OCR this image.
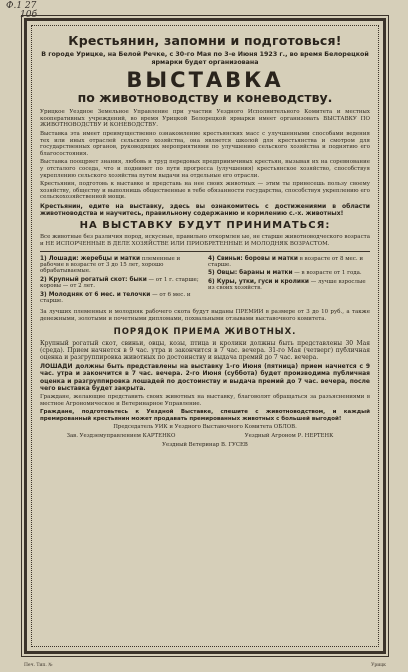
Ф.1 27
10б
Крестьянин, запомни и подготовься!
В городе Урицке, на Белой Речке, с 30-го Мая по 3-е Июня 1923 г., во время Белорецкой ярмарки будет организована
ВЫСТАВКА
по животноводству и коневодству.
Урицкое Уездное Земельное Управление при участии Уездного Исполнительного Комитета и местных кооперативных учреждений, во время Урицкой Белорецкой ярмарки имеет организовать ВЫСТАВКУ ПО ЖИВОТНОВОДСТВУ И КОНЕВОДСТВУ.
Выставка эта имеет преимущественно ознакомление крестьянских масс с улучшенными способами ведения тех или иных отраслей сельского хозяйства, она является школой для крестьянства и смотром для государственных органов, руководящих мероприятиями по улучшению сельского хозяйства и поднятию его благосостояния.
Выставка поощряет знания, любовь и труд передовых предприимчивых крестьян, вызывая их на соревнование у отсталого соседа, что и поднимет по пути прогресса (улучшения) крестьянское хозяйство, способствуя укреплению сельского хозяйства путем выдачи на отдельные его отрасли.
Крестьянин, подготовь к выставке и представь на нее своих животных — этим ты принесешь пользу своему хозяйству, обществу и выполнишь общественные в тебе обязанности государства, способствуя укреплению его сельскохозяйственной мощи.
Крестьянин, едите на выставку, здесь вы ознакомитесь с достижениями в области животноводства и научитесь, правильному содержанию и кормлению с.-х. животных!
НА ВЫСТАВКУ БУДУТ ПРИНИМАТЬСЯ:
Все животные без различия пород, искусные, правильно откормлен ые, не старше животноводческого возраста и НЕ ИСПОРЧЕННЫЕ В ДЕЛЕ ХОЗЯЙСТВЕ ИЛИ ПРИОБРЕТЕННЫЕ И МОЛОДНЯК ВОЗРАСТОМ.
1) Лошади: жеребцы и матки племенные и рабочие в возрасте от 3 до 15 лет, хорошо обрабатываемые.
2) Крупный рогатый скот: быки — от 1 г. старше; коровы — от 2 лет.
3) Молодняк от 6 мес. и телочки — от 6 мес. и старше.
4) Свиньи: боровы и матки в возрасте от 8 мес. и старше.
5) Овцы: бараны и матки — в возрасте от 1 года.
6) Куры, утки, гуси и кролики — лучше взрослые из своих хозяйств.
За лучших племенных и молодняк рабочего скота будут выданы ПРЕМИИ в размере от 3 до 10 руб., а также денежными, золотыми и почетными дипломами, похвальными отзывами выставочного комитета.
ПОРЯДОК ПРИЕМА ЖИВОТНЫХ.
Крупный рогатый скот, свиньи, овцы, козы, птица и кролики должны быть представлены 30 Мая (среда). Прием начнется в 9 час. утра и закончится в 7 час. вечера. 31-го Мая (четверг) публичная оценка и разгруппировка животных по достоинству и выдача премий до 7 час. вечера.
ЛОШАДИ должны быть представлены на выставку 1-го Июня (пятница) прием начнется с 9 час. утра и закончится в 7 час. вечера. 2-го Июня (суббота) будет производима публичная оценка и разгруппировка лошадей по достоинству и выдача премий до 7 час. вечера, после чего выставка будет закрыта.
Граждане, желающие представить своих животных на выставку, благоволят обращаться за разъяснениями в местное Агрономическое и Ветеринарное Управление.
Граждане, подготовьтесь к Уездной Выставке, спешите с животноводством, и каждый премированный крестьянин может продавать премированных животных с большей выгодой!
Председатель УИК и Уездного Выставочного Комитета ОБЛОВ.
Зав. Уездземуправлением КАРТЕНКО	Уездный Агроном Р. НЕРТЕНК
Уездный Ветеринар В. ГУСЕВ
Печ. Тип. №	Урицк
